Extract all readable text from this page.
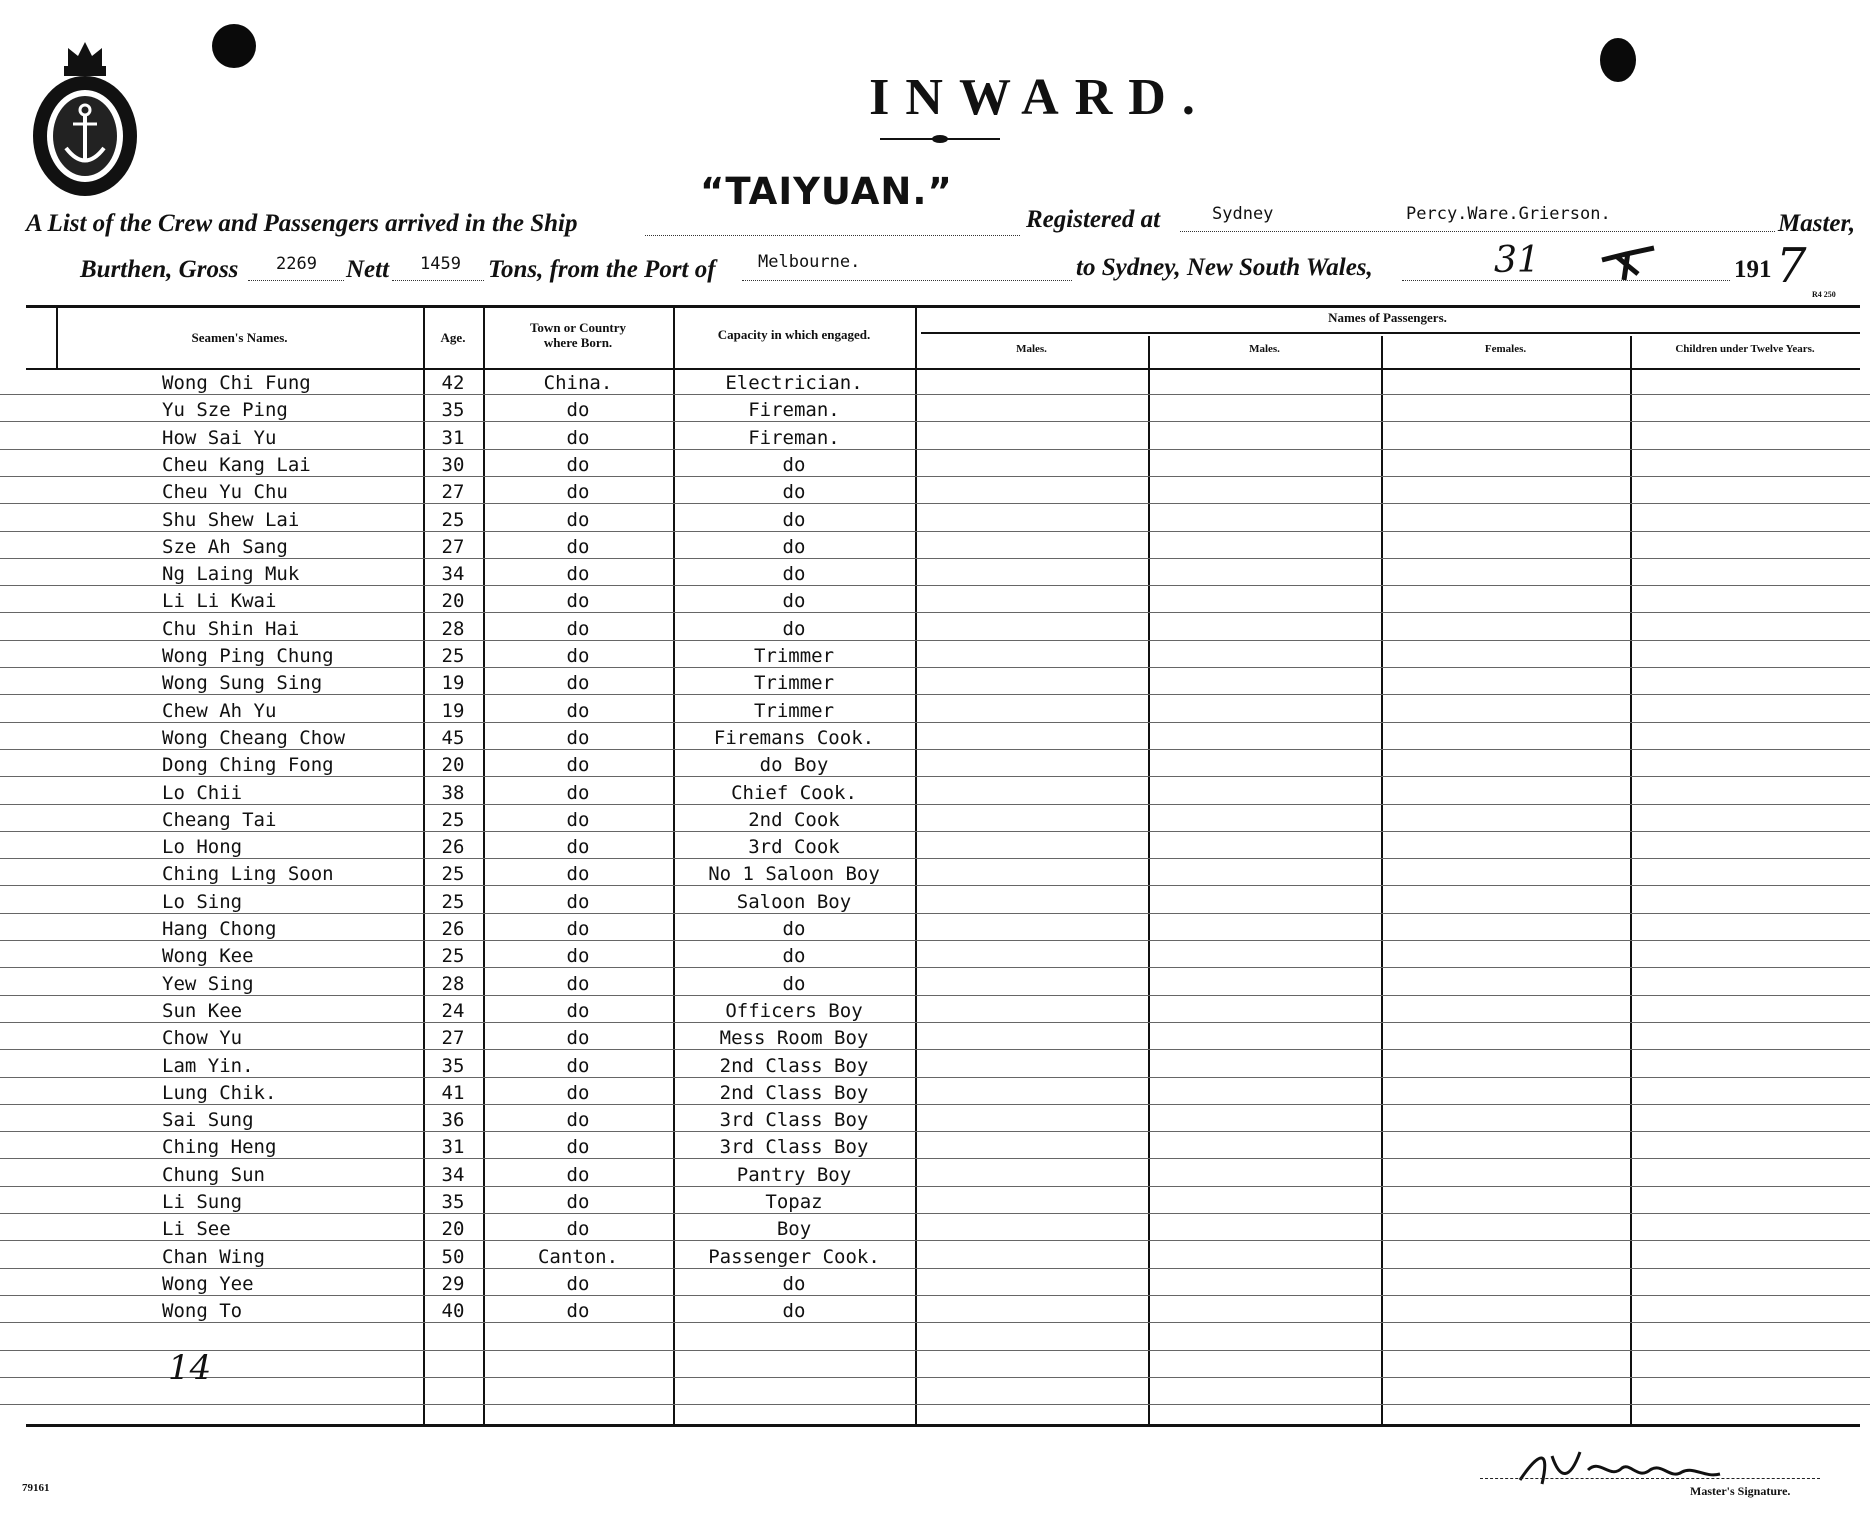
INWARD.
“TAIYUAN.”
A List of the Crew and Passengers arrived in the Ship	Registered at	Sydney	Percy.Ware.Grierson.	Master,
Burthen, Gross 2269 Nett 1459 Tons, from the Port of Melbourne.	to Sydney, New South Wales,	31	191 7
R4 250
Seamen's Names.	Age.
Town or Country
where Born.
Capacity in which engaged.
Names of Passengers.
Males.	Males.	Females.	Children under Twelve Years.
Wong Chi Fung	42	China.	Electrician.
Yu Sze Ping	35	do	Fireman.
How Sai Yu	31	do	Fireman.
Cheu Kang Lai	30	do	do
Cheu Yu Chu	27	do	do
Shu Shew Lai	25	do	do
Sze Ah Sang	27	do	do
Ng Laing Muk	34	do	do
Li Li Kwai	20	do	do
Chu Shin Hai	28	do	do
Wong Ping Chung	25	do	Trimmer
Wong Sung Sing	19	do	Trimmer
Chew Ah Yu	19	do	Trimmer
Wong Cheang Chow	45	do	Firemans Cook.
Dong Ching Fong	20	do	do Boy
Lo Chii	38	do	Chief Cook.
Cheang Tai	25	do	2nd Cook
Lo Hong	26	do	3rd Cook
Ching Ling Soon	25	do	No 1 Saloon Boy
Lo Sing	25	do	Saloon Boy
Hang Chong	26	do	do
Wong Kee	25	do	do
Yew Sing	28	do	do
Sun Kee	24	do	Officers Boy
Chow Yu	27	do	Mess Room Boy
Lam Yin.	35	do	2nd Class Boy
Lung Chik.	41	do	2nd Class Boy
Sai Sung	36	do	3rd Class Boy
Ching Heng	31	do	3rd Class Boy
Chung Sun	34	do	Pantry Boy
Li Sung	35	do	Topaz
Li See	20	do	Boy
Chan Wing	50	Canton.	Passenger Cook.
Wong Yee	29	do	do
Wong To	40	do	do
14
Master's Signature.
79161
